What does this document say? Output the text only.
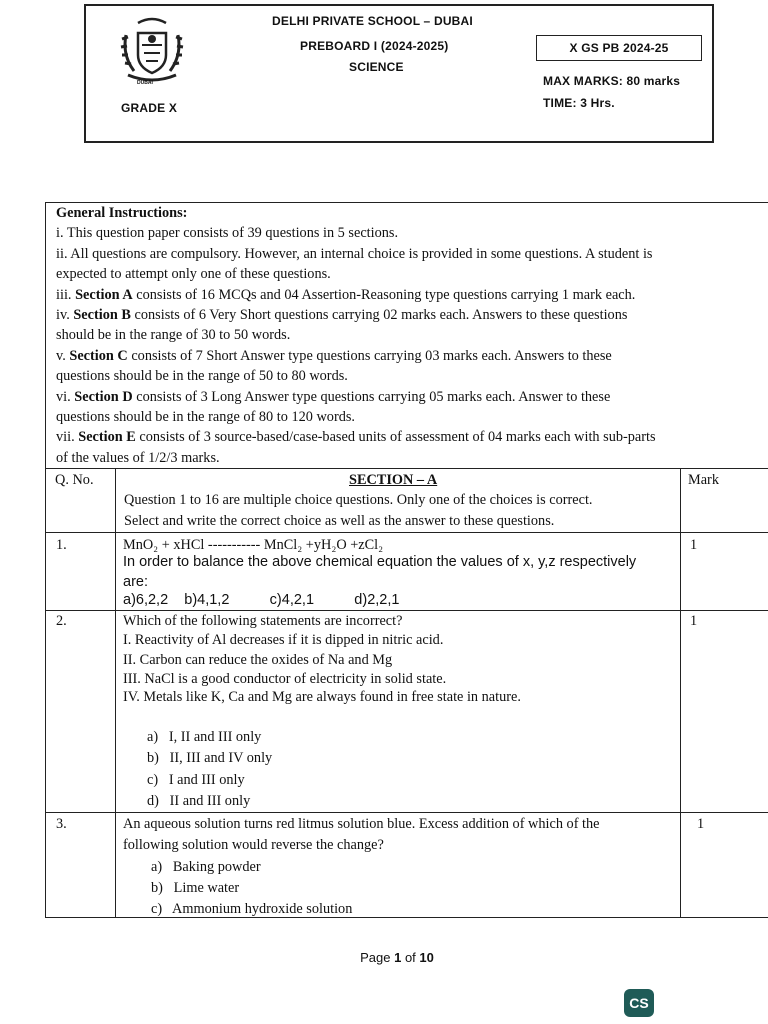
DUBAI
DELHI PRIVATE SCHOOL – DUBAI
PREBOARD I (2024-2025)
SCIENCE
X GS PB 2024-25
MAX MARKS: 80 marks
GRADE X	TIME: 3 Hrs.

General Instructions:

i. This question paper consists of 39 questions in 5 sections.

ii. All questions are compulsory. However, an internal choice is provided in some questions. A student is

expected to attempt only one of these questions.

iii. Section A consists of 16 MCQs and 04 Assertion-Reasoning type questions carrying 1 mark each.

iv. Section B consists of 6 Very Short questions carrying 02 marks each. Answers to these questions

should be in the range of 30 to 50 words.

v. Section C consists of 7 Short Answer type questions carrying 03 marks each. Answers to these

questions should be in the range of 50 to 80 words.

vi. Section D consists of 3 Long Answer type questions carrying 05 marks each. Answer to these

questions should be in the range of 80 to 120 words.

vii. Section E consists of 3 source-based/case-based units of assessment of 04 marks each with sub-parts

of the values of 1/2/3 marks.

Q. No.	SECTION – A	Mark
Question 1 to 16 are multiple choice questions. Only one of the choices is correct.
Select and write the correct choice as well as the answer to these questions.
1.	MnO₂ + xHCl ----------- MnCl₂ +yH₂O +zCl₂
In order to balance the above chemical equation the values of x, y,z respectively
are:
a)6,2,2    b)4,1,2          c)4,2,1          d)2,2,1
1
2.	Which of the following statements are incorrect?
I. Reactivity of Al decreases if it is dipped in nitric acid.
II. Carbon can reduce the oxides of Na and Mg
III. NaCl is a good conductor of electricity in solid state.
IV. Metals like K, Ca and Mg are always found in free state in nature.
a)   I, II and III only
b)   II, III and IV only
c)   I and III only
d)   II and III only
1
3.	An aqueous solution turns red litmus solution blue. Excess addition of which of the
following solution would reverse the change?
a)   Baking powder
b)   Lime water
c)   Ammonium hydroxide solution
1
Page 1 of 10
CS
